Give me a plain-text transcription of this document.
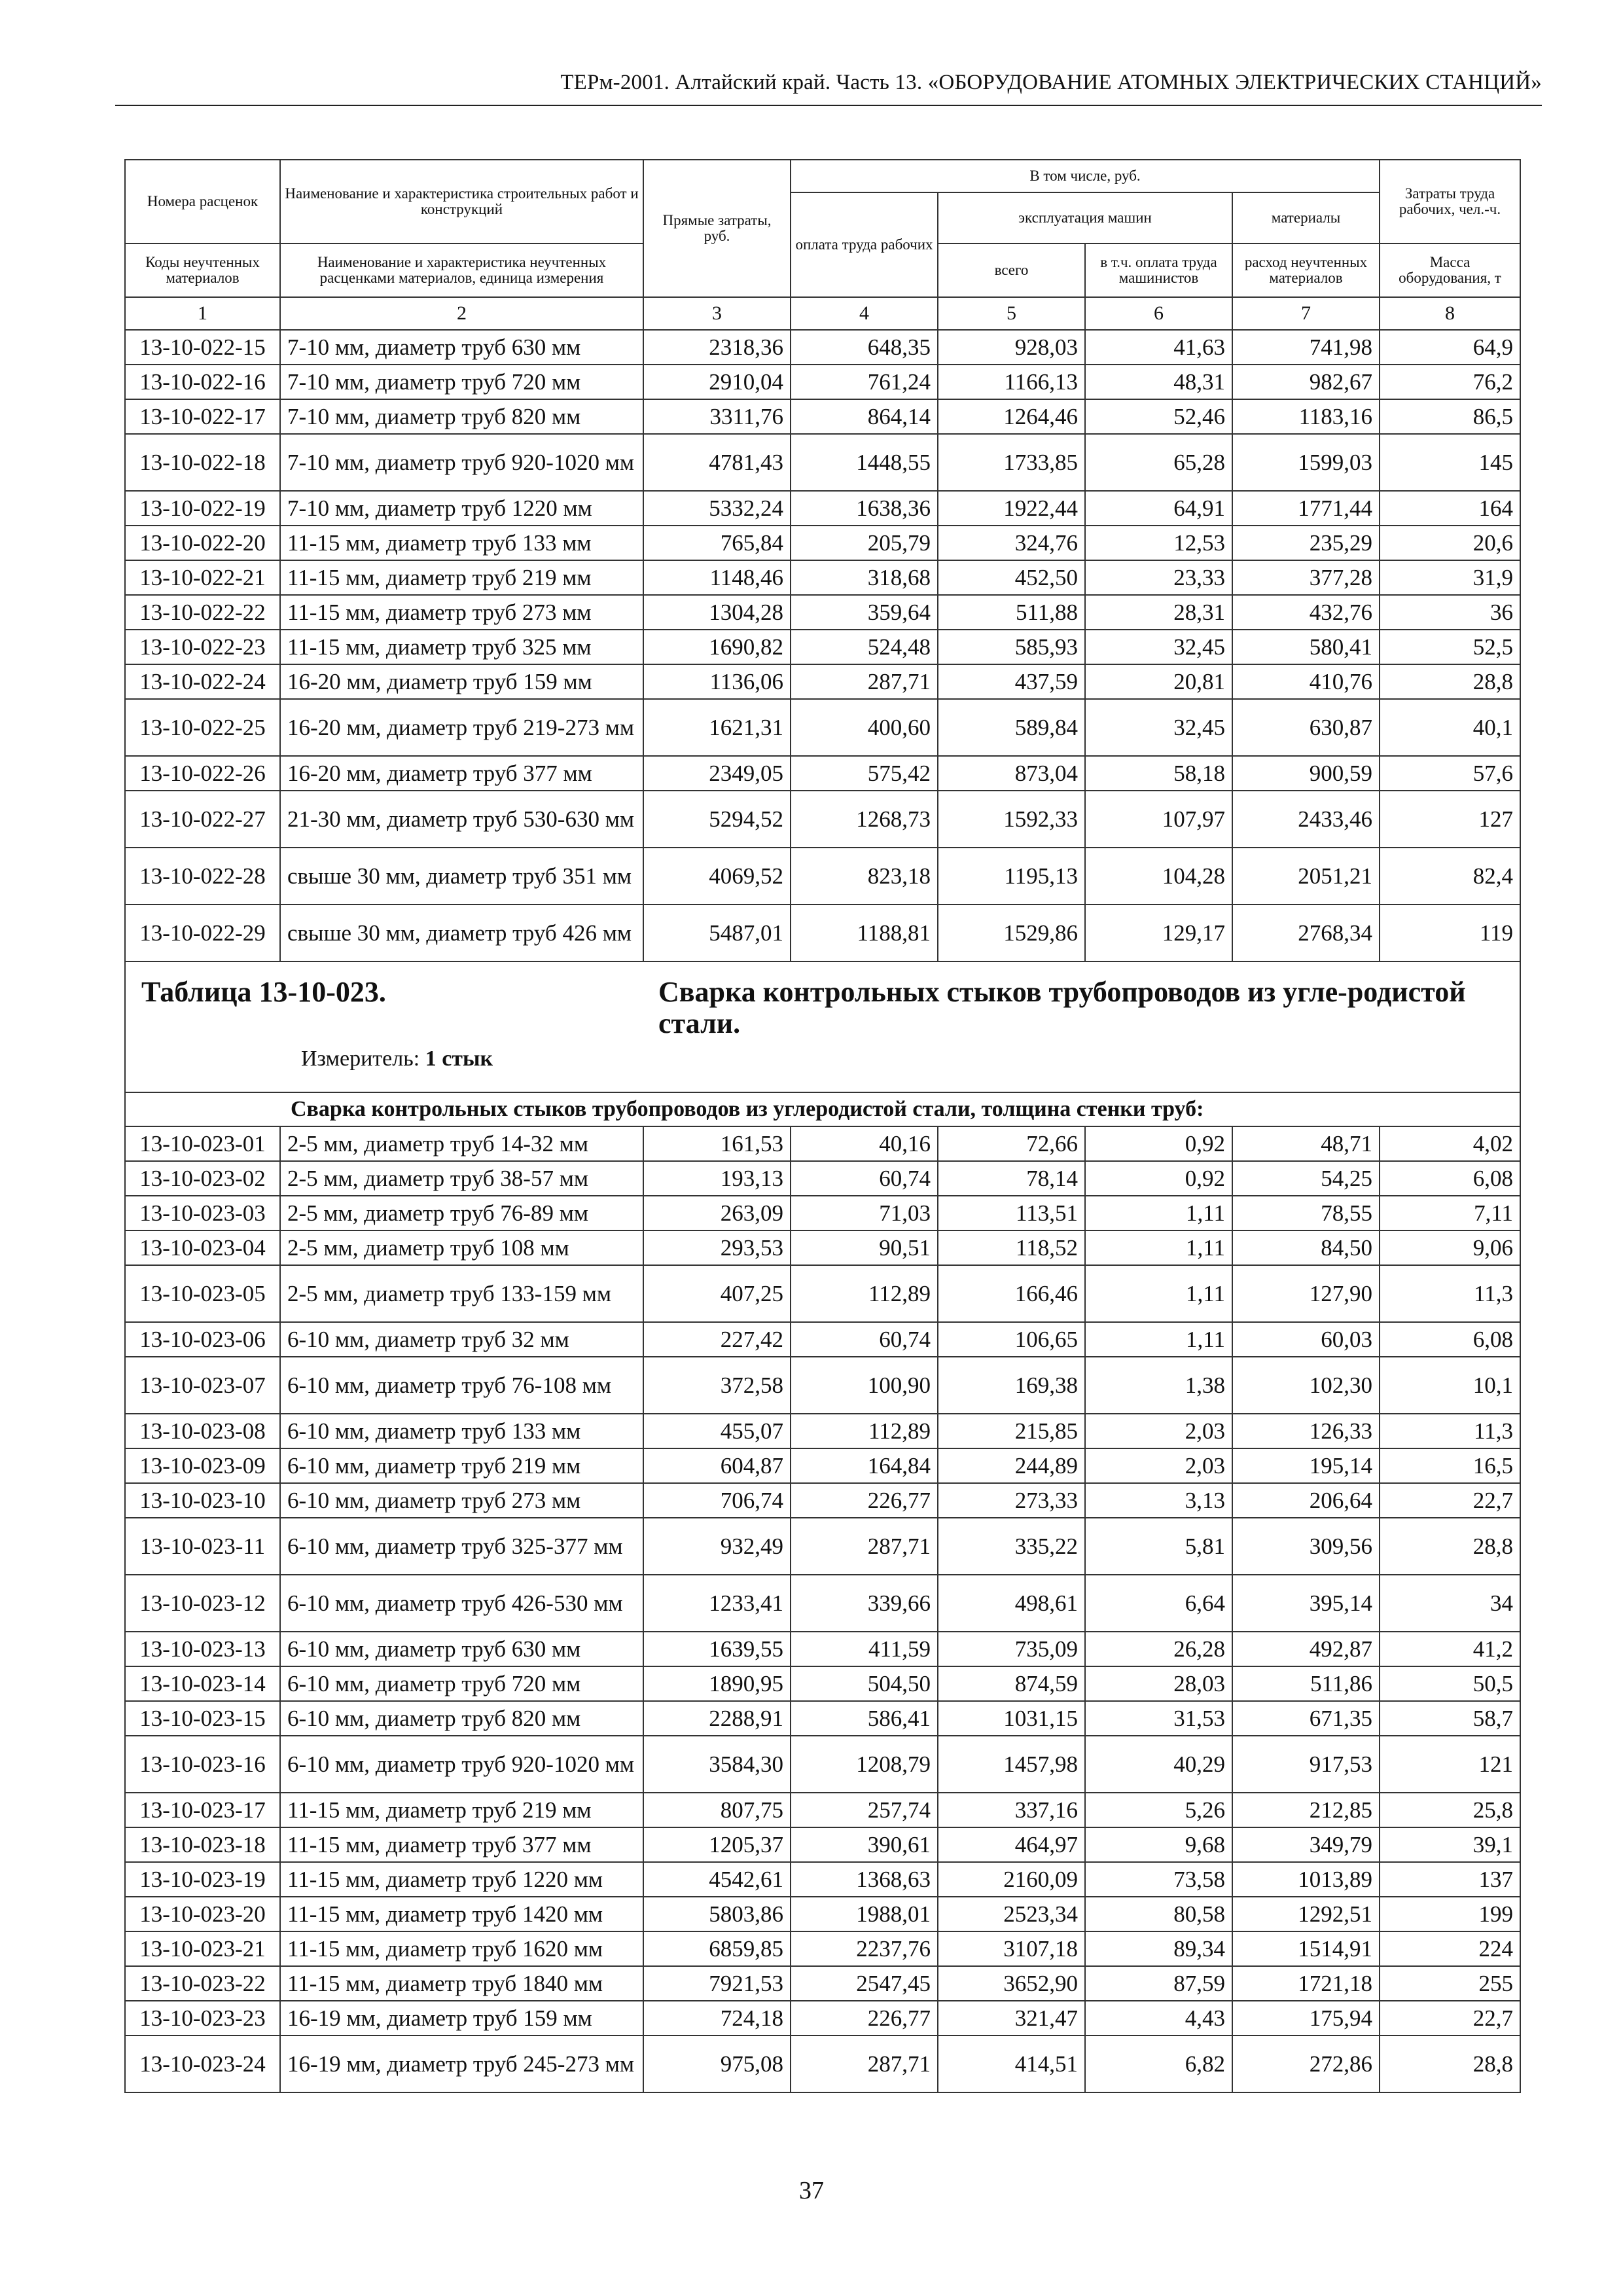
ТЕРм-2001. Алтайский край. Часть 13. «ОБОРУДОВАНИЕ АТОМНЫХ ЭЛЕКТРИЧЕСКИХ СТАНЦИЙ»
Номера расценок	Наименование и характеристика строительных работ и конструкций	Прямые затраты, руб.	В том числе, руб.				Затраты труда рабочих, чел.-ч.
			оплата труда рабочих	эксплуатация машин		материалы	
Коды неучтенных материалов	Наименование и характеристика неучтенных расценками материалов, единица измерения			всего	в т.ч. оплата труда машинистов	расход неучтенных материалов	Масса оборудования, т
1	2	3	4	5	6	7	8
13-10-022-15	7-10 мм, диаметр труб 630 мм	2318,36	648,35	928,03	41,63	741,98	64,9
13-10-022-16	7-10 мм, диаметр труб 720 мм	2910,04	761,24	1166,13	48,31	982,67	76,2
13-10-022-17	7-10 мм, диаметр труб 820 мм	3311,76	864,14	1264,46	52,46	1183,16	86,5
13-10-022-18	7-10 мм, диаметр труб 920-1020 мм	4781,43	1448,55	1733,85	65,28	1599,03	145
13-10-022-19	7-10 мм, диаметр труб 1220 мм	5332,24	1638,36	1922,44	64,91	1771,44	164
13-10-022-20	11-15 мм, диаметр труб 133 мм	765,84	205,79	324,76	12,53	235,29	20,6
13-10-022-21	11-15 мм, диаметр труб 219 мм	1148,46	318,68	452,50	23,33	377,28	31,9
13-10-022-22	11-15 мм, диаметр труб 273 мм	1304,28	359,64	511,88	28,31	432,76	36
13-10-022-23	11-15 мм, диаметр труб 325 мм	1690,82	524,48	585,93	32,45	580,41	52,5
13-10-022-24	16-20 мм, диаметр труб 159 мм	1136,06	287,71	437,59	20,81	410,76	28,8
13-10-022-25	16-20 мм, диаметр труб 219-273 мм	1621,31	400,60	589,84	32,45	630,87	40,1
13-10-022-26	16-20 мм, диаметр труб 377 мм	2349,05	575,42	873,04	58,18	900,59	57,6
13-10-022-27	21-30 мм, диаметр труб 530-630 мм	5294,52	1268,73	1592,33	107,97	2433,46	127
13-10-022-28	свыше 30 мм, диаметр труб 351 мм	4069,52	823,18	1195,13	104,28	2051,21	82,4
13-10-022-29	свыше 30 мм, диаметр труб 426 мм	5487,01	1188,81	1529,86	129,17	2768,34	119
Таблица 13-10-023. Сварка контрольных стыков трубопроводов из угле-родистой стали.
Измеритель: 1 стык							

Сварка контрольных стыков трубопроводов из углеродистой стали, толщина стенки труб:							
13-10-023-01	2-5 мм, диаметр труб 14-32 мм	161,53	40,16	72,66	0,92	48,71	4,02
13-10-023-02	2-5 мм, диаметр труб 38-57 мм	193,13	60,74	78,14	0,92	54,25	6,08
13-10-023-03	2-5 мм, диаметр труб 76-89 мм	263,09	71,03	113,51	1,11	78,55	7,11
13-10-023-04	2-5 мм, диаметр труб 108 мм	293,53	90,51	118,52	1,11	84,50	9,06
13-10-023-05	2-5 мм, диаметр труб 133-159 мм	407,25	112,89	166,46	1,11	127,90	11,3
13-10-023-06	6-10 мм, диаметр труб 32 мм	227,42	60,74	106,65	1,11	60,03	6,08
13-10-023-07	6-10 мм, диаметр труб 76-108 мм	372,58	100,90	169,38	1,38	102,30	10,1
13-10-023-08	6-10 мм, диаметр труб 133 мм	455,07	112,89	215,85	2,03	126,33	11,3
13-10-023-09	6-10 мм, диаметр труб 219 мм	604,87	164,84	244,89	2,03	195,14	16,5
13-10-023-10	6-10 мм, диаметр труб 273 мм	706,74	226,77	273,33	3,13	206,64	22,7
13-10-023-11	6-10 мм, диаметр труб 325-377 мм	932,49	287,71	335,22	5,81	309,56	28,8
13-10-023-12	6-10 мм, диаметр труб 426-530 мм	1233,41	339,66	498,61	6,64	395,14	34
13-10-023-13	6-10 мм, диаметр труб 630 мм	1639,55	411,59	735,09	26,28	492,87	41,2
13-10-023-14	6-10 мм, диаметр труб 720 мм	1890,95	504,50	874,59	28,03	511,86	50,5
13-10-023-15	6-10 мм, диаметр труб 820 мм	2288,91	586,41	1031,15	31,53	671,35	58,7
13-10-023-16	6-10 мм, диаметр труб 920-1020 мм	3584,30	1208,79	1457,98	40,29	917,53	121
13-10-023-17	11-15 мм, диаметр труб 219 мм	807,75	257,74	337,16	5,26	212,85	25,8
13-10-023-18	11-15 мм, диаметр труб 377 мм	1205,37	390,61	464,97	9,68	349,79	39,1
13-10-023-19	11-15 мм, диаметр труб 1220 мм	4542,61	1368,63	2160,09	73,58	1013,89	137
13-10-023-20	11-15 мм, диаметр труб 1420 мм	5803,86	1988,01	2523,34	80,58	1292,51	199
13-10-023-21	11-15 мм, диаметр труб 1620 мм	6859,85	2237,76	3107,18	89,34	1514,91	224
13-10-023-22	11-15 мм, диаметр труб 1840 мм	7921,53	2547,45	3652,90	87,59	1721,18	255
13-10-023-23	16-19 мм, диаметр труб 159 мм	724,18	226,77	321,47	4,43	175,94	22,7
13-10-023-24	16-19 мм, диаметр труб 245-273 мм	975,08	287,71	414,51	6,82	272,86	28,8
37
